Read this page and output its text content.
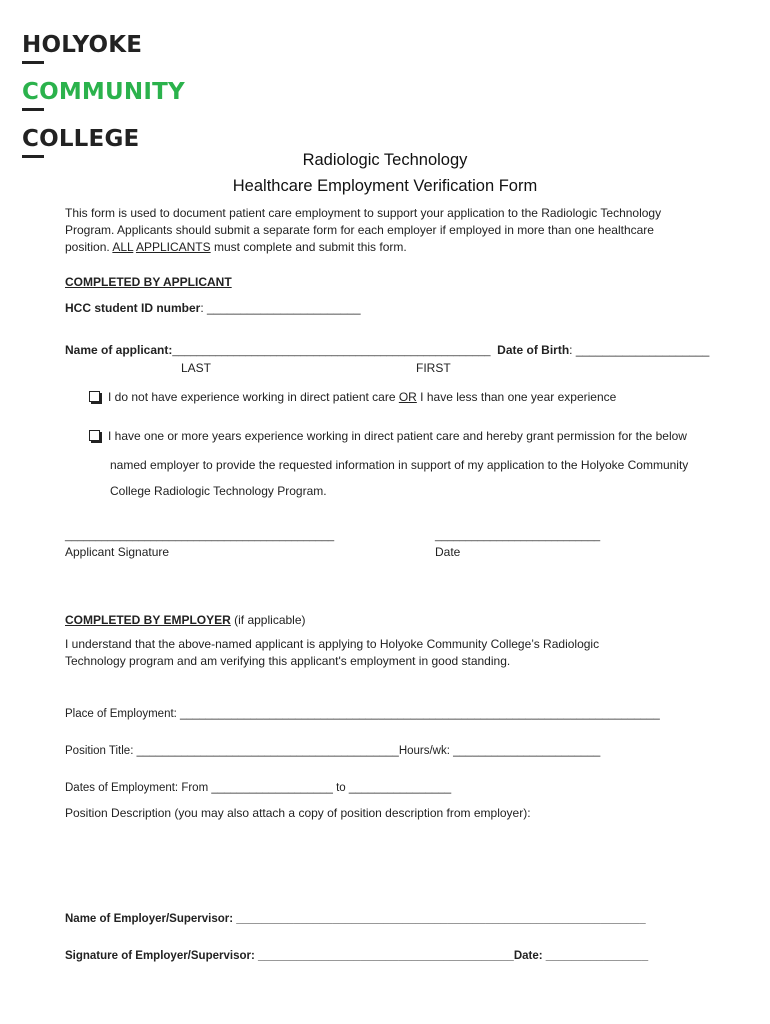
HOLYOKE
COMMUNITY
COLLEGE
Radiologic Technology
Healthcare Employment Verification Form
This form is used to document patient care employment to support your application to the Radiologic Technology
Program. Applicants should submit a separate form for each employer if employed in more than one healthcare
position. ALL APPLICANTS must complete and submit this form.
COMPLETED BY APPLICANT
HCC student ID number: _______________________
Name of applicant:____________________________________________________ Date of Birth: ____________________
LAST	FIRST
I do not have experience working in direct patient care OR I have less than one year experience
I have one or more years experience working in direct patient care and hereby grant permission for the below
named employer to provide the requested information in support of my application to the Holyoke Community
College Radiologic Technology Program.
____________________________________________
Applicant Signature
___________________________
Date
COMPLETED BY EMPLOYER (if applicable)
I understand that the above-named applicant is applying to Holyoke Community College’s Radiologic
Technology program and am verifying this applicant's employment in good standing.
Place of Employment: ___________________________________________________________________________
Position Title: _________________________________________Hours/wk: _______________________
Dates of Employment: From ___________________ to ________________
Position Description (you may also attach a copy of position description from employer):
Name of Employer/Supervisor: ________________________________________________________________
Signature of Employer/Supervisor: ________________________________________Date: ________________
